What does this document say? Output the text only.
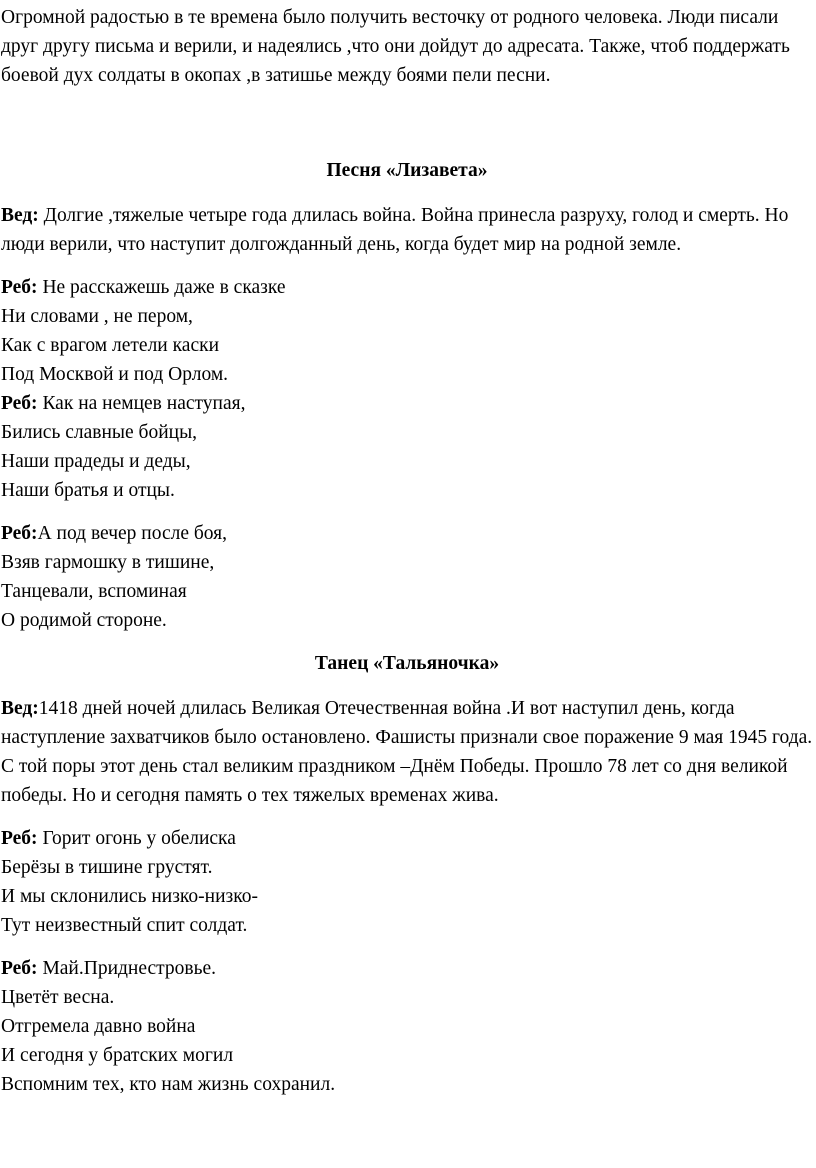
Огромной радостью в те времена было получить весточку от родного человека. Люди писали друг другу письма и верили, и надеялись ,что они дойдут до адресата. Также, чтоб поддержать боевой дух солдаты в окопах ,в затишье между боями пели песни.

Песня «Лизавета»

Вед: Долгие ,тяжелые четыре года длилась война. Война принесла разруху, голод и смерть. Но люди верили, что наступит долгожданный день, когда будет мир на родной земле.

Реб: Не расскажешь даже в сказке
Ни словами , не пером,
Как с врагом летели каски
Под Москвой и под Орлом.
Реб: Как на немцев наступая,
Бились славные бойцы,
Наши прадеды и деды,
Наши братья и отцы.
Реб:А под вечер после боя,
Взяв гармошку в тишине,
Танцевали, вспоминая
О родимой стороне.

Танец «Тальяночка»

Вед:1418 дней ночей длилась Великая Отечественная война .И вот наступил день, когда наступление захватчиков было остановлено. Фашисты признали свое поражение 9 мая 1945 года. С той поры этот день стал великим праздником –Днём Победы. Прошло 78 лет со дня великой победы. Но и сегодня память о тех тяжелых временах жива.

Реб: Горит огонь у обелиска
Берёзы в тишине грустят.
И мы склонились низко-низко-
Тут неизвестный спит солдат.
Реб: Май.Приднестровье.
Цветёт весна.
Отгремела давно война
И сегодня у братских могил
Вспомним тех, кто нам жизнь сохранил.
